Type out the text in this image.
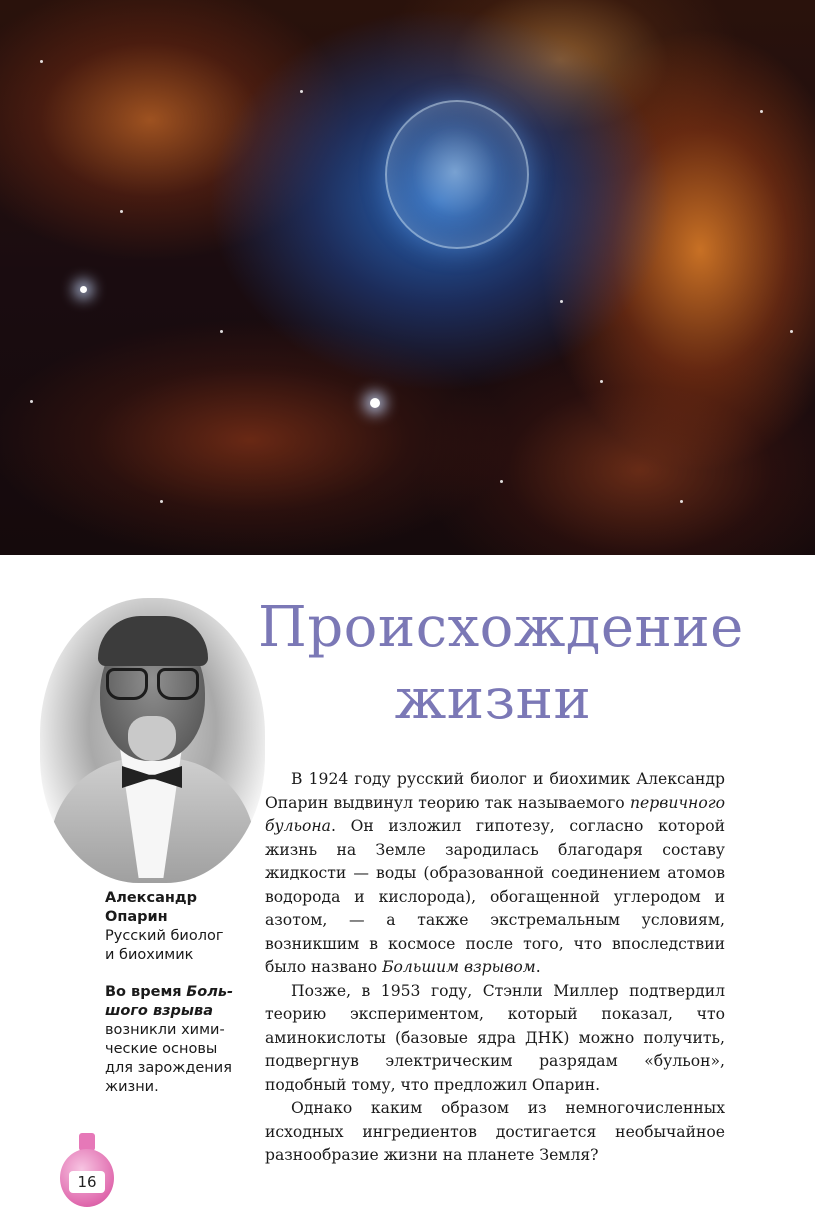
Происхождение
жизни
Александр
Опарин
Русский биолог
и биохимик
Во время Боль-
шого взрыва
возникли хими-
ческие основы
для зарождения
жизни.

В 1924 году русский биолог и биохимик Александр Опарин выдвинул теорию так называемого первичного бульона. Он изложил гипотезу, согласно которой жизнь на Земле зародилась благодаря составу жидкости — воды (образованной соединением атомов водорода и кислорода), обогащенной углеродом и азотом, — а также экстремальным условиям, возникшим в космосе после того, что впоследствии было названо Большим взрывом.

Позже, в 1953 году, Стэнли Миллер подтвердил теорию экспериментом, который показал, что аминокислоты (базовые ядра ДНК) можно получить, подвергнув электрическим разрядам «бульон», подобный тому, что предложил Опарин.

Однако каким образом из немногочисленных исходных ингредиентов достигается необычайное разнообразие жизни на планете Земля?

16
